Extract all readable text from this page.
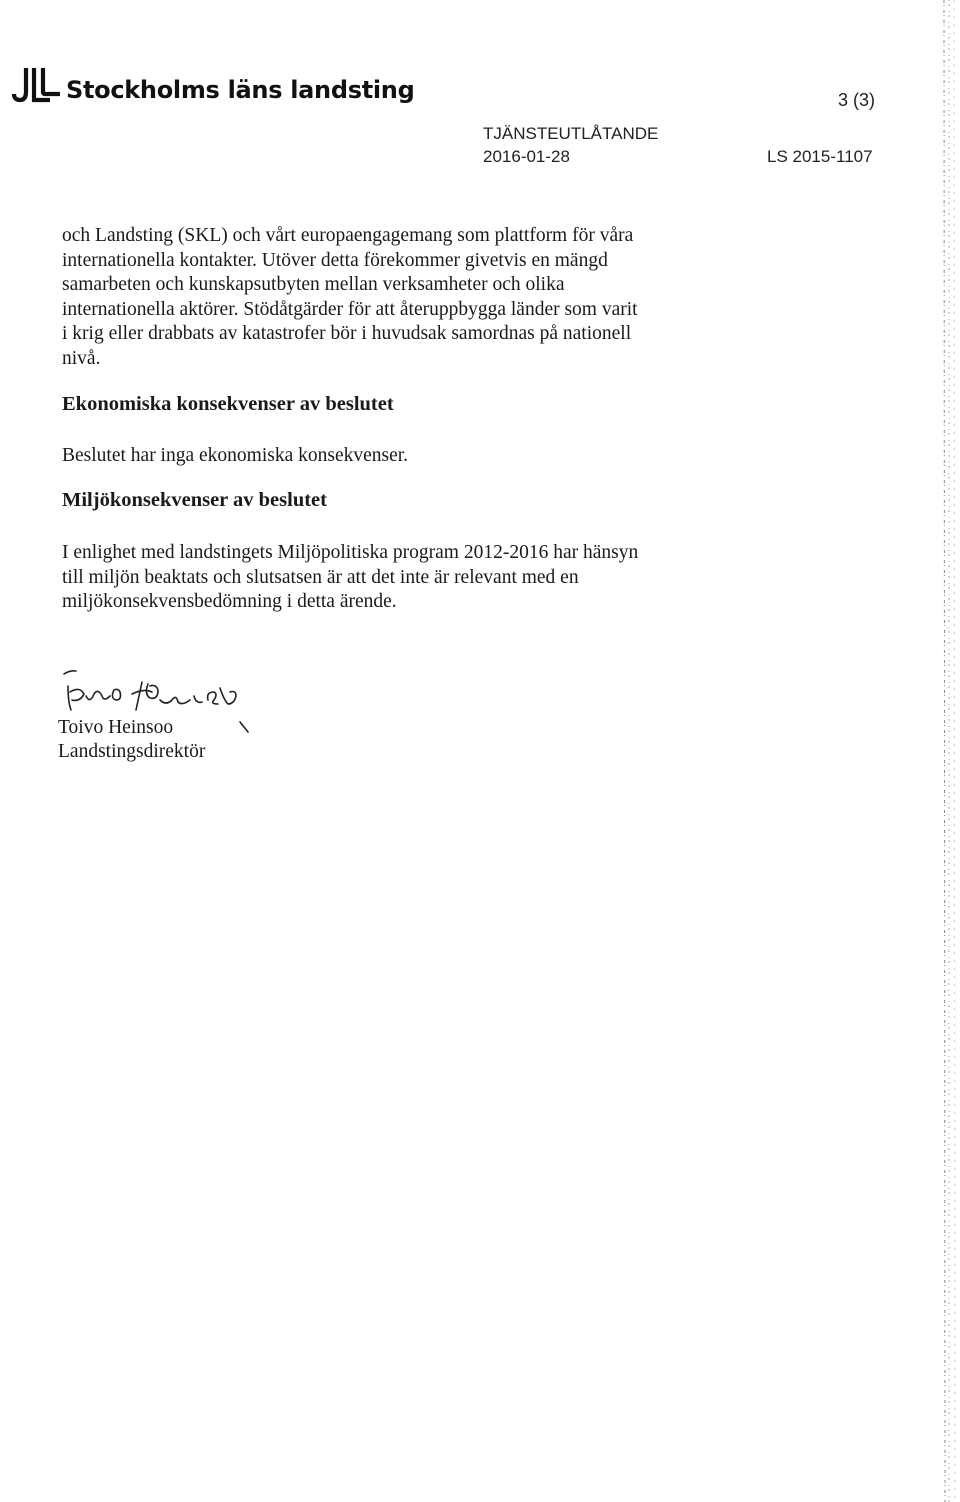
Stockholms läns landsting	3 (3)
TJÄNSTEUTLÅTANDE
2016-01-28	LS 2015-1107
och Landsting (SKL) och vårt europaengagemang som plattform för våra
internationella kontakter. Utöver detta förekommer givetvis en mängd
samarbeten och kunskapsutbyten mellan verksamheter och olika
internationella aktörer. Stödåtgärder för att återuppbygga länder som varit
i krig eller drabbats av katastrofer bör i huvudsak samordnas på nationell
nivå.
Ekonomiska konsekvenser av beslutet
Beslutet har inga ekonomiska konsekvenser.
Miljökonsekvenser av beslutet
I enlighet med landstingets Miljöpolitiska program 2012-2016 har hänsyn
till miljön beaktats och slutsatsen är att det inte är relevant med en
miljökonsekvensbedömning i detta ärende.
Toivo Heinsoo
Landstingsdirektör
